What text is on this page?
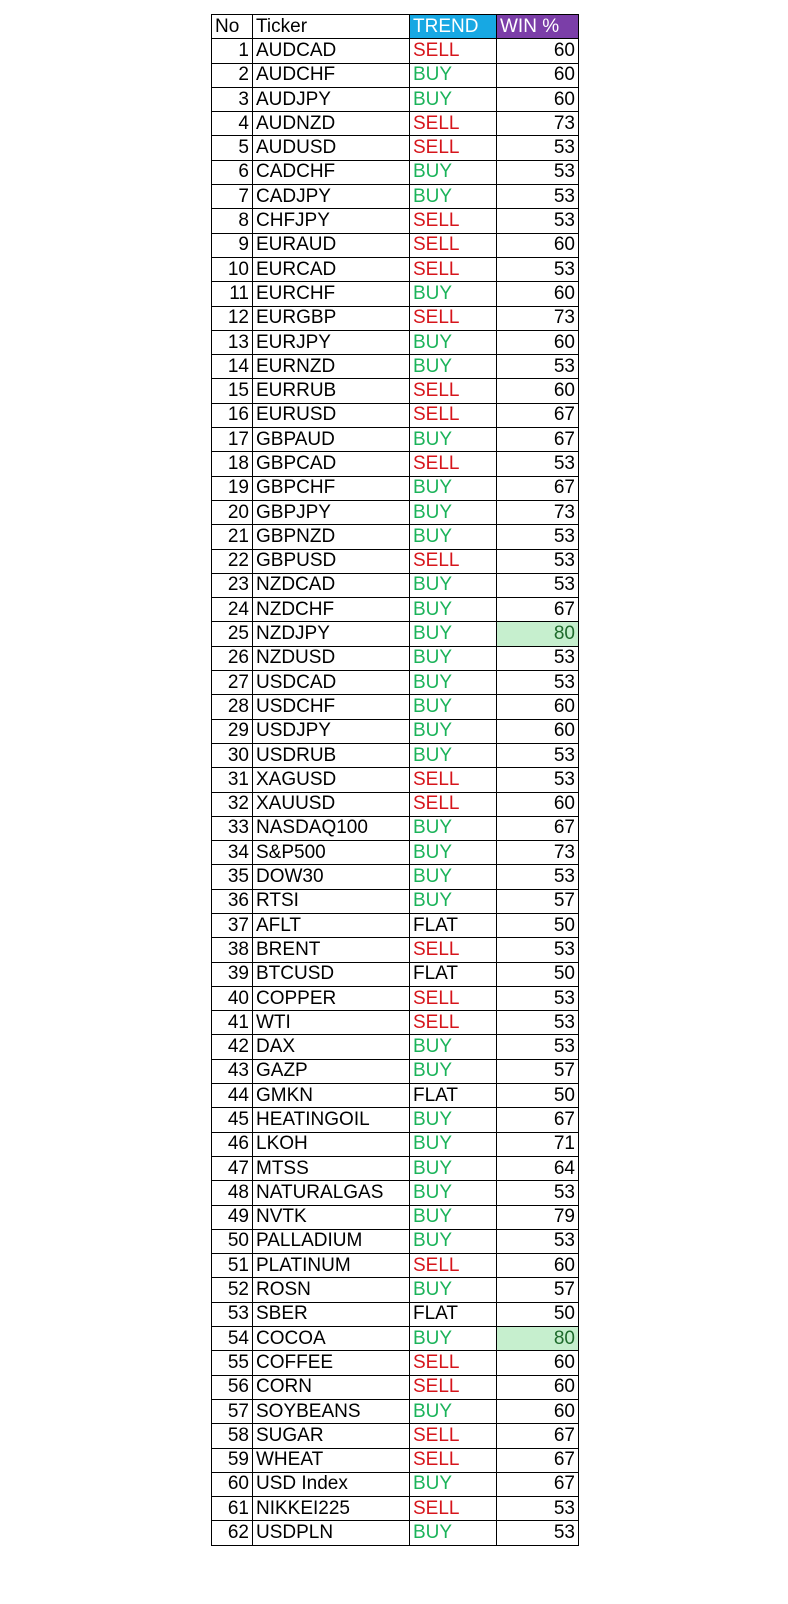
No	Ticker	TREND	WIN %
1	AUDCAD	SELL	60
2	AUDCHF	BUY	60
3	AUDJPY	BUY	60
4	AUDNZD	SELL	73
5	AUDUSD	SELL	53
6	CADCHF	BUY	53
7	CADJPY	BUY	53
8	CHFJPY	SELL	53
9	EURAUD	SELL	60
10	EURCAD	SELL	53
11	EURCHF	BUY	60
12	EURGBP	SELL	73
13	EURJPY	BUY	60
14	EURNZD	BUY	53
15	EURRUB	SELL	60
16	EURUSD	SELL	67
17	GBPAUD	BUY	67
18	GBPCAD	SELL	53
19	GBPCHF	BUY	67
20	GBPJPY	BUY	73
21	GBPNZD	BUY	53
22	GBPUSD	SELL	53
23	NZDCAD	BUY	53
24	NZDCHF	BUY	67
25	NZDJPY	BUY	80
26	NZDUSD	BUY	53
27	USDCAD	BUY	53
28	USDCHF	BUY	60
29	USDJPY	BUY	60
30	USDRUB	BUY	53
31	XAGUSD	SELL	53
32	XAUUSD	SELL	60
33	NASDAQ100	BUY	67
34	S&P500	BUY	73
35	DOW30	BUY	53
36	RTSI	BUY	57
37	AFLT	FLAT	50
38	BRENT	SELL	53
39	BTCUSD	FLAT	50
40	COPPER	SELL	53
41	WTI	SELL	53
42	DAX	BUY	53
43	GAZP	BUY	57
44	GMKN	FLAT	50
45	HEATINGOIL	BUY	67
46	LKOH	BUY	71
47	MTSS	BUY	64
48	NATURALGAS	BUY	53
49	NVTK	BUY	79
50	PALLADIUM	BUY	53
51	PLATINUM	SELL	60
52	ROSN	BUY	57
53	SBER	FLAT	50
54	COCOA	BUY	80
55	COFFEE	SELL	60
56	CORN	SELL	60
57	SOYBEANS	BUY	60
58	SUGAR	SELL	67
59	WHEAT	SELL	67
60	USD Index	BUY	67
61	NIKKEI225	SELL	53
62	USDPLN	BUY	53
